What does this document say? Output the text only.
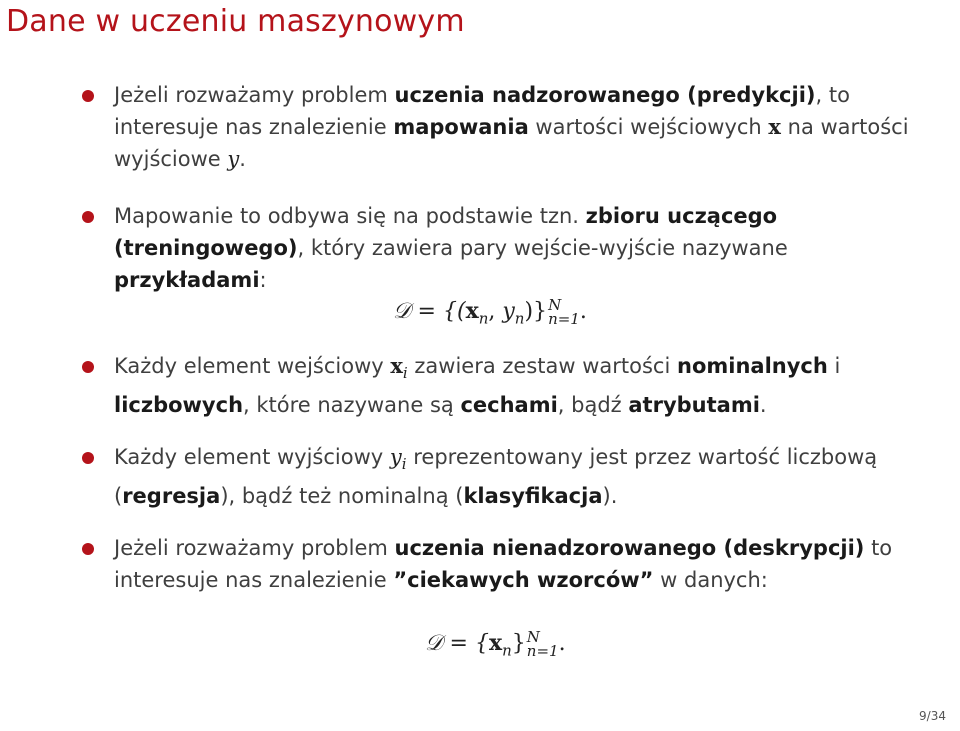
Dane w uczeniu maszynowym
Jeżeli rozważamy problem uczenia nadzorowanego (predykcji), to interesuje nas znalezienie mapowania wartości wejściowych x na wartości wyjściowe y.
Mapowanie to odbywa się na podstawie tzn. zbioru uczącego (treningowego), który zawiera pary wejście-wyjście nazywane przykładami:
𝒟 = {($x_n$, $y_n$)} N
n=1 .
Każdy element wejściowy $x_i$ zawiera zestaw wartości nominalnych i liczbowych, które nazywane są cechami, bądź atrybutami.
Każdy element wyjściowy $y_i$ reprezentowany jest przez wartość liczbową (regresja), bądź też nominalną (klasyfikacja).
Jeżeli rozważamy problem uczenia nienadzorowanego (deskrypcji) to interesuje nas znalezienie ”ciekawych wzorców” w danych:
𝒟 = $\{x_n\}$ N
n=1 .
9/34
